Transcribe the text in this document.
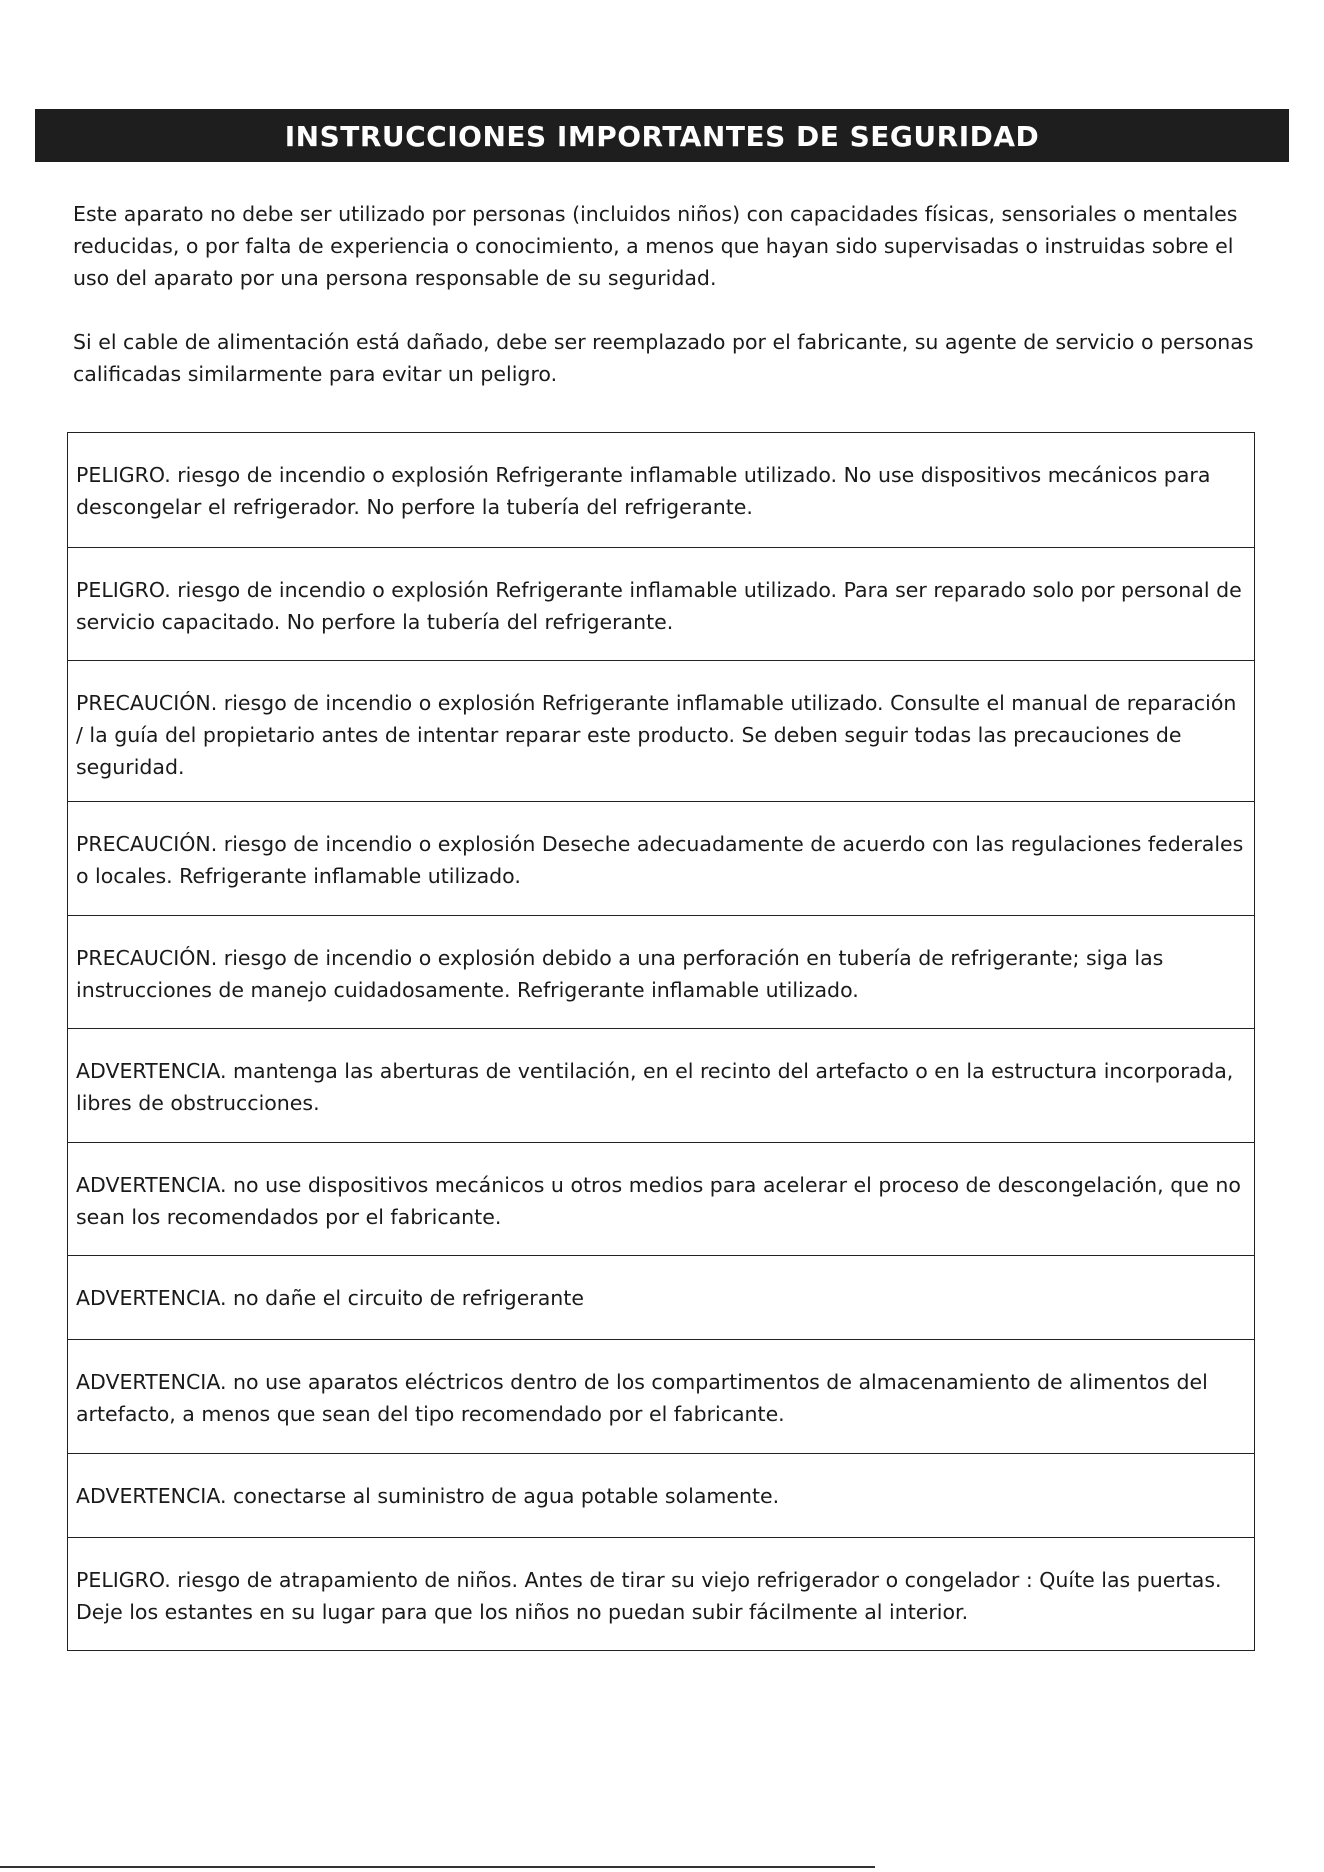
INSTRUCCIONES IMPORTANTES DE SEGURIDAD

Este aparato no debe ser utilizado por personas (incluidos niños) con capacidades físicas, sensoriales o mentales reducidas, o por falta de experiencia o conocimiento, a menos que hayan sido supervisadas o instruidas sobre el uso del aparato por una persona responsable de su seguridad.

Si el cable de alimentación está dañado, debe ser reemplazado por el fabricante, su agente de servicio o personas calificadas similarmente para evitar un peligro.

PELIGRO. riesgo de incendio o explosión Refrigerante inflamable utilizado. No use dispositivos mecánicos para descongelar el refrigerador. No perfore la tubería del refrigerante.
PELIGRO. riesgo de incendio o explosión Refrigerante inflamable utilizado. Para ser reparado solo por personal de servicio capacitado. No perfore la tubería del refrigerante.
PRECAUCIÓN. riesgo de incendio o explosión Refrigerante inflamable utilizado. Consulte el manual de reparación / la guía del propietario antes de intentar reparar este producto. Se deben seguir todas las precauciones de seguridad.
PRECAUCIÓN. riesgo de incendio o explosión Deseche adecuadamente de acuerdo con las regulaciones federales o locales. Refrigerante inflamable utilizado.
PRECAUCIÓN. riesgo de incendio o explosión debido a una perforación en tubería de refrigerante; siga las instrucciones de manejo cuidadosamente. Refrigerante inflamable utilizado.
ADVERTENCIA. mantenga las aberturas de ventilación, en el recinto del artefacto o en la estructura incorporada, libres de obstrucciones.
ADVERTENCIA. no use dispositivos mecánicos u otros medios para acelerar el proceso de descongelación, que no sean los recomendados por el fabricante.
ADVERTENCIA. no dañe el circuito de refrigerante
ADVERTENCIA. no use aparatos eléctricos dentro de los compartimentos de almacenamiento de alimentos del artefacto, a menos que sean del tipo recomendado por el fabricante.
ADVERTENCIA. conectarse al suministro de agua potable solamente.
PELIGRO. riesgo de atrapamiento de niños. Antes de tirar su viejo refrigerador o congelador : Quíte las puertas. Deje los estantes en su lugar para que los niños no puedan subir fácilmente al interior.
